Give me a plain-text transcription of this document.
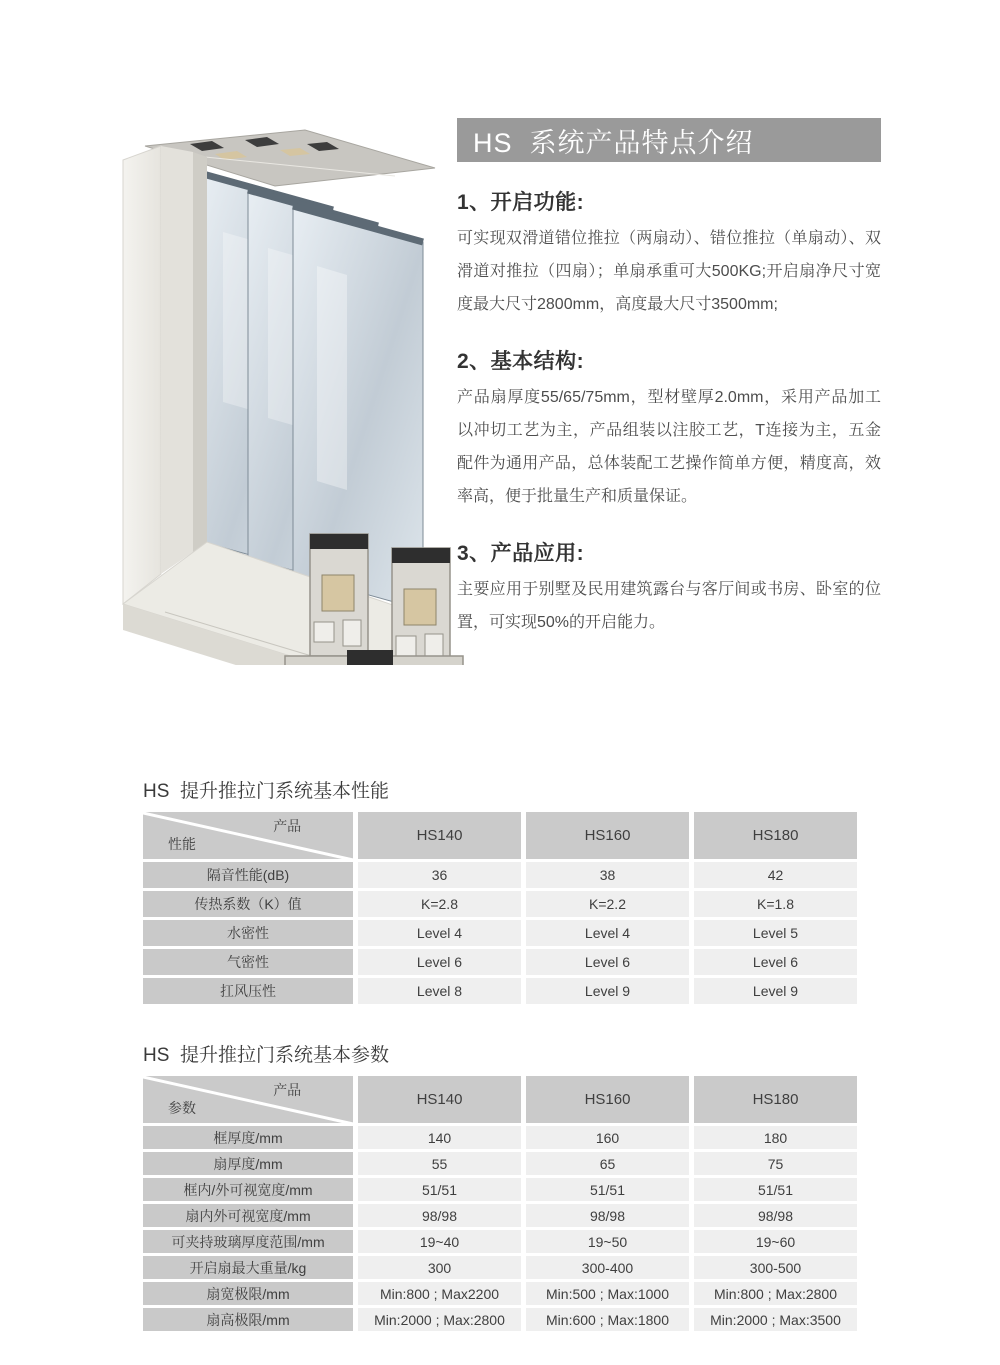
HS  系统产品特点介绍
1、开启功能:

可实现双滑道错位推拉（两扇动）、错位推拉（单扇动）、双滑道对推拉（四扇）；单扇承重可大500KG;开启扇净尺寸宽度最大尺寸2800mm，高度最大尺寸3500mm;

2、基本结构:

产品扇厚度55/65/75mm，型材壁厚2.0mm，采用产品加工以冲切工艺为主，产品组装以注胶工艺，T连接为主，五金配件为通用产品，总体装配工艺操作简单方便，精度高，效率高，便于批量生产和质量保证。

3、产品应用:

主要应用于别墅及民用建筑露台与客厅间或书房、卧室的位置，可实现50%的开启能力。

HS  提升推拉门系统基本性能
产品
性能	HS140	HS160	HS180
隔音性能(dB)	36	38	42
传热系数（K）值	K=2.8	K=2.2	K=1.8
水密性	Level 4	Level 4	Level 5
气密性	Level 6	Level 6	Level 6
扛风压性	Level 8	Level 9	Level 9
HS  提升推拉门系统基本参数
产品
参数	HS140	HS160	HS180
框厚度/mm	140	160	180
扇厚度/mm	55	65	75
框内/外可视宽度/mm	51/51	51/51	51/51
扇内外可视宽度/mm	98/98	98/98	98/98
可夹持玻璃厚度范围/mm	19~40	19~50	19~60
开启扇最大重量/kg	300	300-400	300-500
扇宽极限/mm	Min:800 ; Max2200	Min:500 ; Max:1000	Min:800 ; Max:2800
扇高极限/mm	Min:2000 ; Max:2800	Min:600 ; Max:1800	Min:2000 ; Max:3500
